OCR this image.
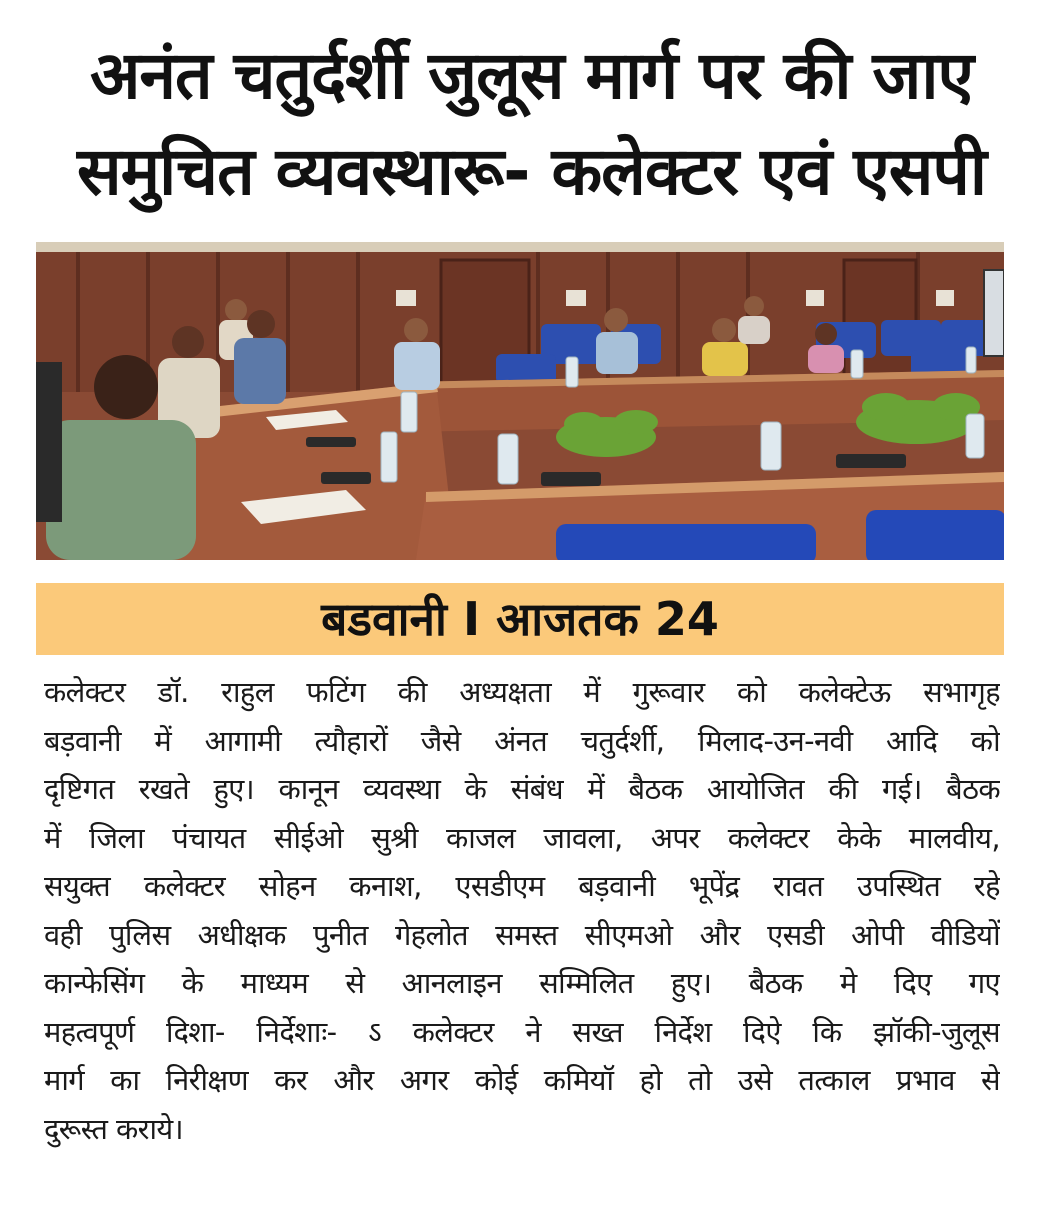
अनंत चतुर्दर्शी जुलूस मार्ग पर की जाए
समुचित व्यवस्थारू- कलेक्टर एवं एसपी
बडवानी I आजतक 24
कलेक्टर डॉ. राहुल फटिंग की अध्यक्षता में गुरूवार को कलेक्टेऊ सभागृह
बड़वानी में आगामी त्यौहारों जैसे अंनत चतुर्दर्शी, मिलाद-उन-नवी आदि को
दृष्टिगत रखते हुए। कानून व्यवस्था के संबंध में बैठक आयोजित की गई। बैठक
में जिला पंचायत सीईओ सुश्री काजल जावला, अपर कलेक्टर केके मालवीय,
सयुक्त कलेक्टर सोहन कनाश, एसडीएम बड़वानी भूपेंद्र रावत उपस्थित रहे
वही पुलिस अधीक्षक पुनीत गेहलोत समस्त सीएमओ और एसडी ओपी वीडियों
कान्फेसिंग के माध्यम से आनलाइन सम्मिलित हुए। बैठक मे दिए गए
महत्वपूर्ण दिशा- निर्देशाः- ऽ कलेक्टर ने सख्त निर्देश दिऐ कि झॉकी-जुलूस
मार्ग का निरीक्षण कर और अगर कोई कमियॉ हो तो उसे तत्काल प्रभाव से
दुरूस्त कराये।
